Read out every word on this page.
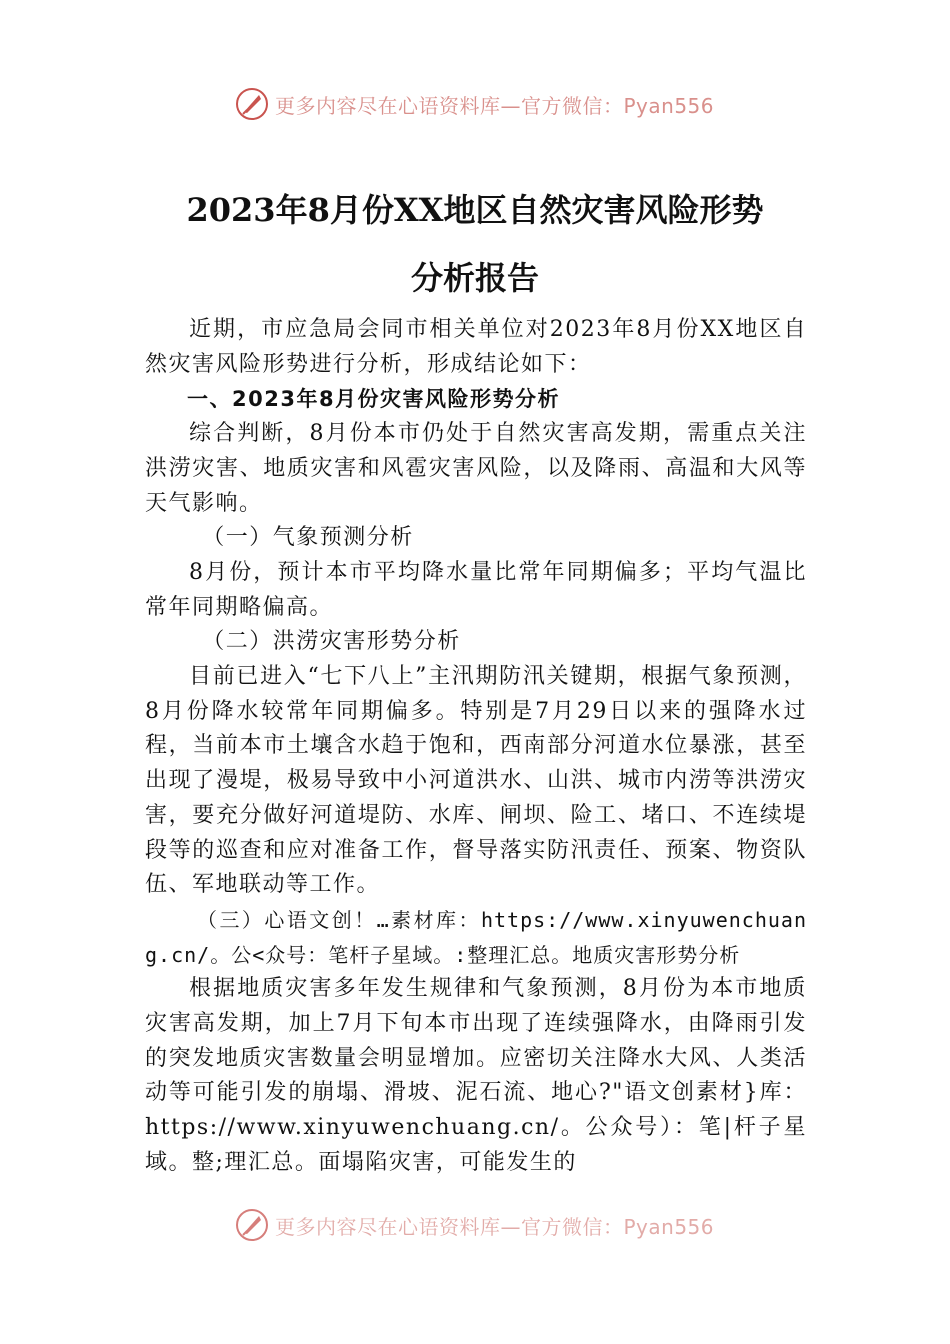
更多内容尽在心语资料库—官方微信：Pyan556
2023年8月份XX地区自然灾害风险形势
分析报告

近期，市应急局会同市相关单位对2023年8月份XX地区自然灾害风险形势进行分析，形成结论如下：

一、2023年8月份灾害风险形势分析

综合判断，8月份本市仍处于自然灾害高发期，需重点关注洪涝灾害、地质灾害和风雹灾害风险，以及降雨、高温和大风等天气影响。

（一）气象预测分析

8月份，预计本市平均降水量比常年同期偏多；平均气温比常年同期略偏高。

（二）洪涝灾害形势分析

目前已进入“七下八上”主汛期防汛关键期，根据气象预测，8月份降水较常年同期偏多。特别是7月29日以来的强降水过程，当前本市土壤含水趋于饱和，西南部分河道水位暴涨，甚至出现了漫堤，极易导致中小河道洪水、山洪、城市内涝等洪涝灾害，要充分做好河道堤防、水库、闸坝、险工、堵口、不连续堤段等的巡查和应对准备工作，督导落实防汛责任、预案、物资队伍、军地联动等工作。

（三）心语文创！…素材库：https://www.xinyuwenchuang.cn/。公<众号：笔杆子星域。:整理汇总。地质灾害形势分析

根据地质灾害多年发生规律和气象预测，8月份为本市地质灾害高发期，加上7月下旬本市出现了连续强降水，由降雨引发的突发地质灾害数量会明显增加。应密切关注降水大风、人类活动等可能引发的崩塌、滑坡、泥石流、地心?"语文创素材}库：https://www.xinyuwenchuang.cn/。公众号）：笔|杆子星域。整;理汇总。面塌陷灾害，可能发生的

更多内容尽在心语资料库—官方微信：Pyan556
